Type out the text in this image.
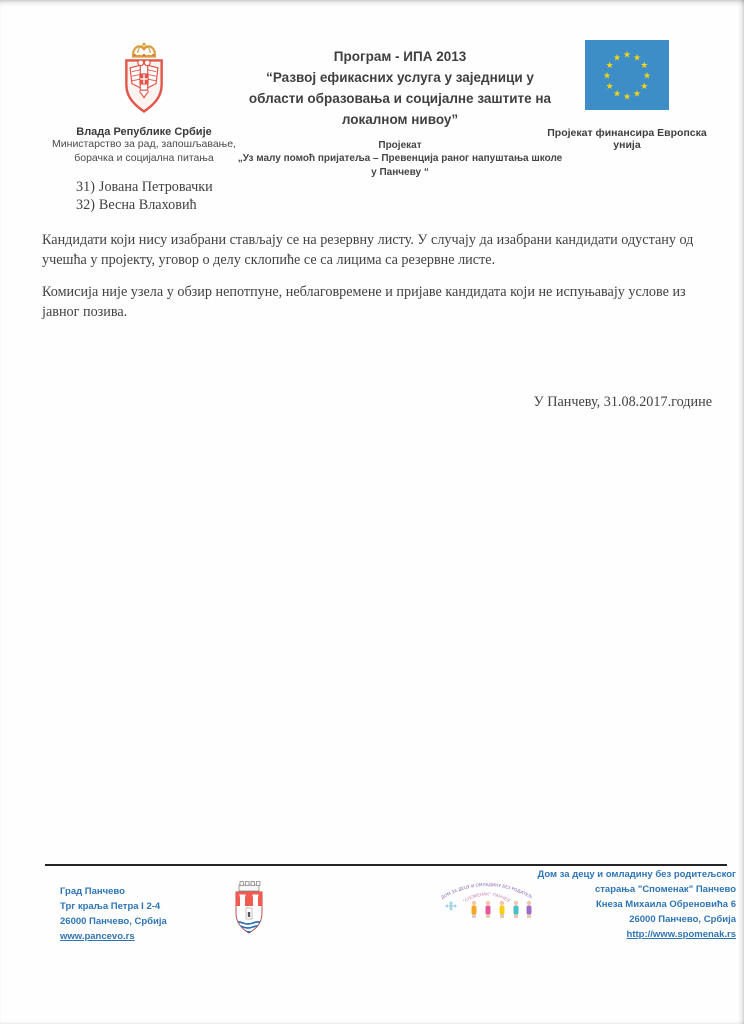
Влада Републике Србије
Министарство за рад, запошљавање,
борачка и социјална питања
Програм - ИПА 2013
“Развој ефикасних услуга у заједници у области образовања и социјалне заштите на локалном нивоу”
Пројекат
„Уз малу помоћ пријатеља – Превенција раног напуштања школе у Панчеву “
★ ★
★
★
★
★
★
★
★
★
★
★
Пројекат финансира Европска унија
31) Јована Петровачки
32) Весна Влаховић
Кандидати који нису изабрани стављају се на резервну листу. У случају да изабрани кандидати одустану од учешћа у пројекту, уговор о делу склопиће се са лицима са резервне листе.
Комисија није узела у обзир непотпуне, неблаговремене и пријаве кандидата који не испуњавају услове из јавног позива.
У Панчеву, 31.08.2017.године
Град Панчево
Трг краља Петра I 2-4
26000 Панчево, Србија
www.pancevo.rs
ДОМ ЗА ДЕЦУ И ОМЛАДИНУ БЕЗ РОДИТЕЉ
"СПОМЕНАК" ПАНЧЕВ
Дом за децу и омладину без родитељског
старања "Споменак" Панчево
Кнеза Михаила Обреновића 6
26000 Панчево, Србија
http://www.spomenak.rs
